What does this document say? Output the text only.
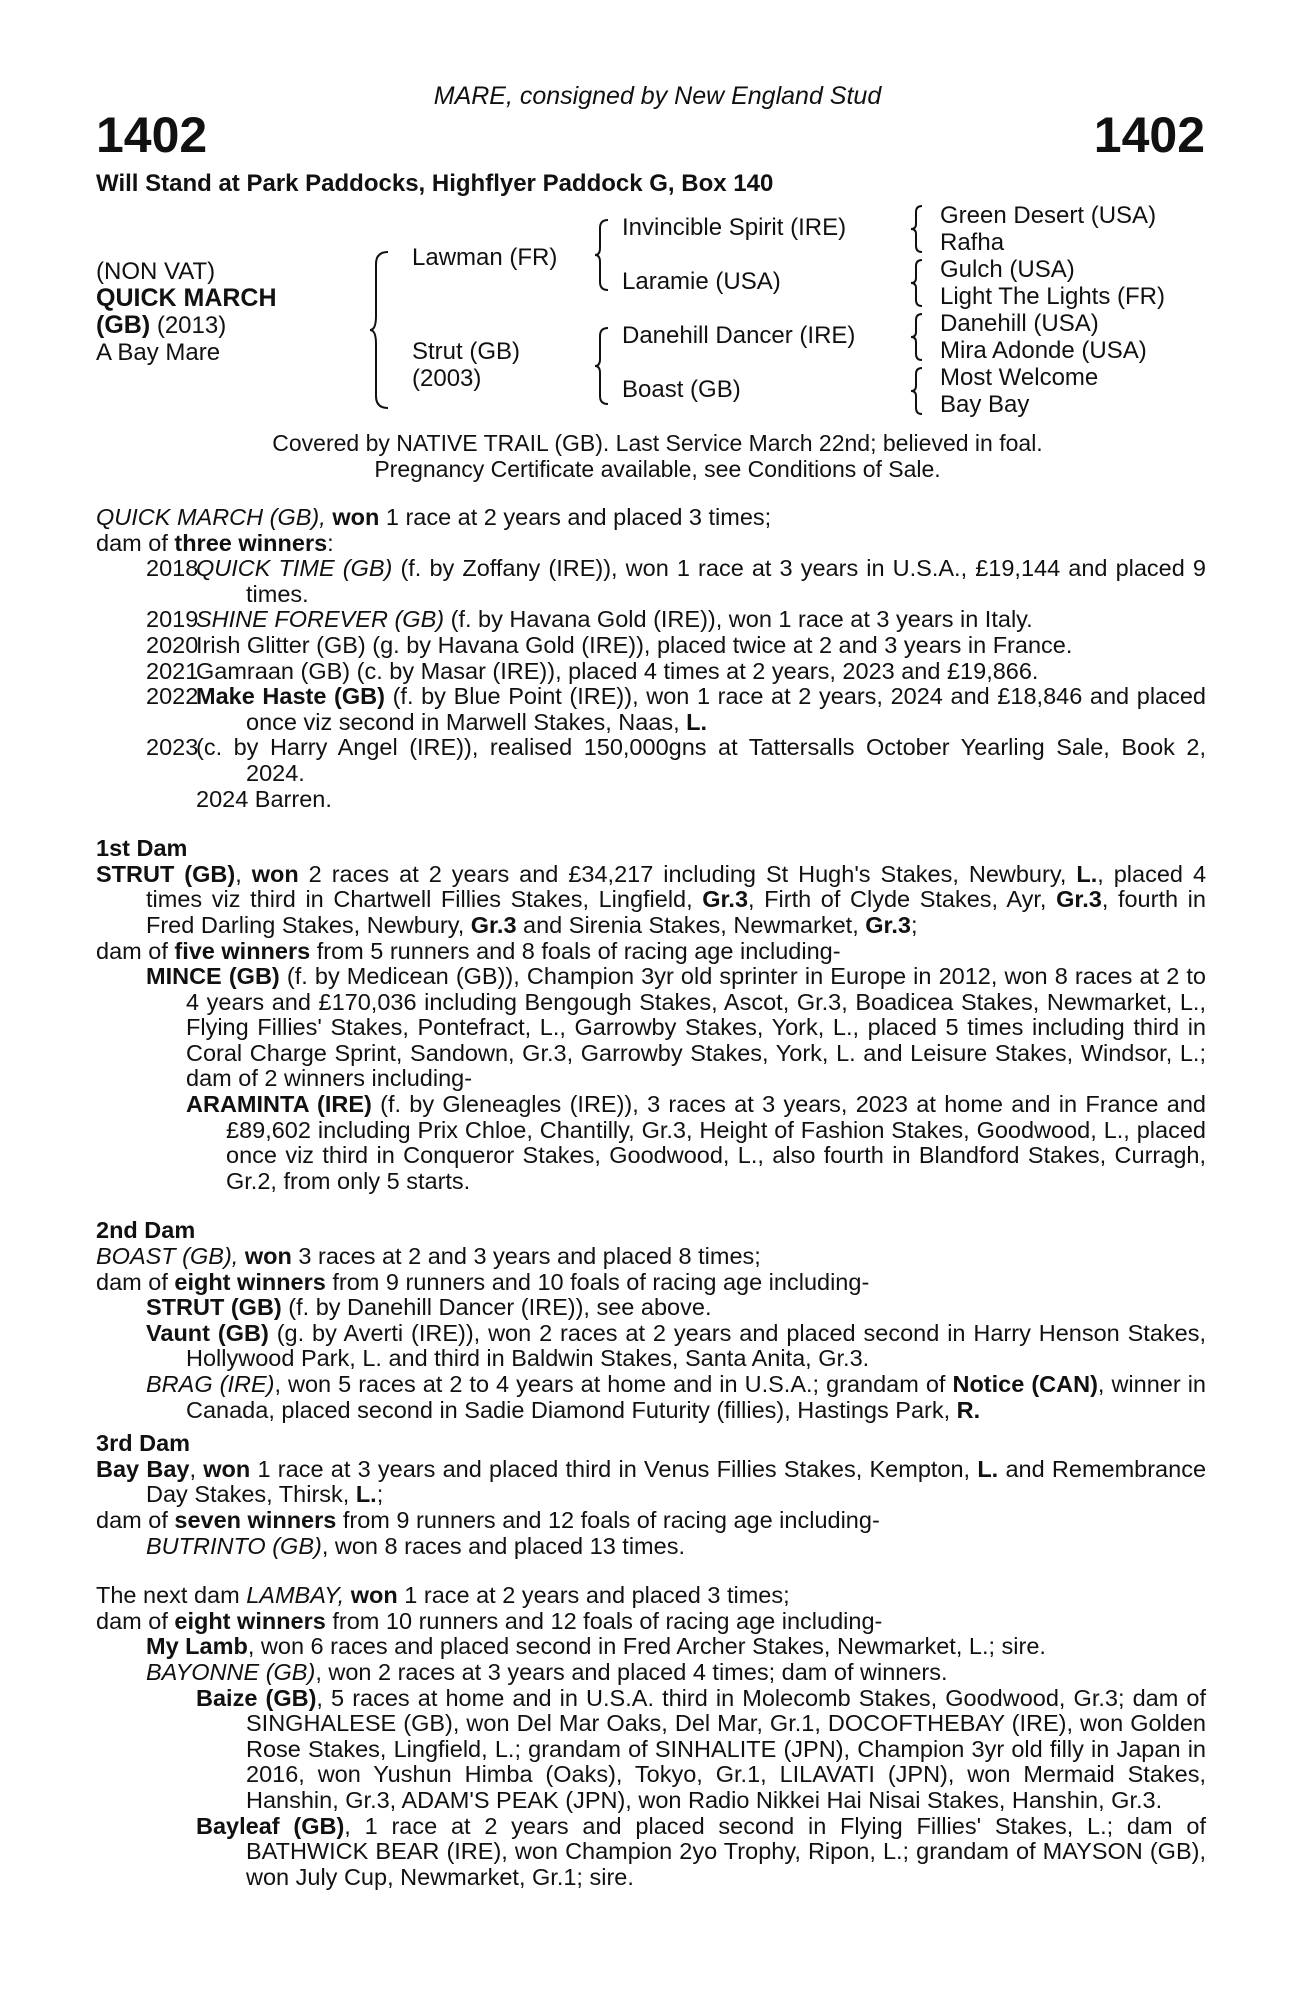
MARE, consigned by New England Stud
1402	1402
Will Stand at Park Paddocks, Highflyer Paddock G, Box 140
(NON VAT)
QUICK MARCH
(GB) (2013)
A Bay Mare
Lawman (FR)
Strut (GB)
(2003)
Invincible Spirit (IRE)
Laramie (USA)
Danehill Dancer (IRE)
Boast (GB)
Green Desert (USA)
Rafha
Gulch (USA)
Light The Lights (FR)
Danehill (USA)
Mira Adonde (USA)
Most Welcome
Bay Bay
Covered by NATIVE TRAIL (GB). Last Service March 22nd; believed in foal.
Pregnancy Certificate available, see Conditions of Sale.

QUICK MARCH (GB), won 1 race at 2 years and placed 3 times;

dam of three winners:

2018	QUICK TIME (GB) (f. by Zoffany (IRE)), won 1 race at 3 years in U.S.A., £19,144 and placed 9 times.
2019	SHINE FOREVER (GB) (f. by Havana Gold (IRE)), won 1 race at 3 years in Italy.
2020	Irish Glitter (GB) (g. by Havana Gold (IRE)), placed twice at 2 and 3 years in France.
2021	Gamraan (GB) (c. by Masar (IRE)), placed 4 times at 2 years, 2023 and £19,866.
2022	Make Haste (GB) (f. by Blue Point (IRE)), won 1 race at 2 years, 2024 and £18,846 and placed once viz second in Marwell Stakes, Naas, L.
2023	(c. by Harry Angel (IRE)), realised 150,000gns at Tattersalls October Yearling Sale, Book 2, 2024.
	2024 Barren.

1st Dam

STRUT (GB), won 2 races at 2 years and £34,217 including St Hugh's Stakes, Newbury, L., placed 4 times viz third in Chartwell Fillies Stakes, Lingfield, Gr.3, Firth of Clyde Stakes, Ayr, Gr.3, fourth in Fred Darling Stakes, Newbury, Gr.3 and Sirenia Stakes, Newmarket, Gr.3;

dam of five winners from 5 runners and 8 foals of racing age including-

MINCE (GB) (f. by Medicean (GB)), Champion 3yr old sprinter in Europe in 2012, won 8 races at 2 to 4 years and £170,036 including Bengough Stakes, Ascot, Gr.3, Boadicea Stakes, Newmarket, L., Flying Fillies' Stakes, Pontefract, L., Garrowby Stakes, York, L., placed 5 times including third in Coral Charge Sprint, Sandown, Gr.3, Garrowby Stakes, York, L. and Leisure Stakes, Windsor, L.; dam of 2 winners including-

ARAMINTA (IRE) (f. by Gleneagles (IRE)), 3 races at 3 years, 2023 at home and in France and £89,602 including Prix Chloe, Chantilly, Gr.3, Height of Fashion Stakes, Goodwood, L., placed once viz third in Conqueror Stakes, Goodwood, L., also fourth in Blandford Stakes, Curragh, Gr.2, from only 5 starts.

2nd Dam

BOAST (GB), won 3 races at 2 and 3 years and placed 8 times;

dam of eight winners from 9 runners and 10 foals of racing age including-

STRUT (GB) (f. by Danehill Dancer (IRE)), see above.

Vaunt (GB) (g. by Averti (IRE)), won 2 races at 2 years and placed second in Harry Henson Stakes, Hollywood Park, L. and third in Baldwin Stakes, Santa Anita, Gr.3.

BRAG (IRE), won 5 races at 2 to 4 years at home and in U.S.A.; grandam of Notice (CAN), winner in Canada, placed second in Sadie Diamond Futurity (fillies), Hastings Park, R.

3rd Dam

Bay Bay, won 1 race at 3 years and placed third in Venus Fillies Stakes, Kempton, L. and Remembrance Day Stakes, Thirsk, L.;

dam of seven winners from 9 runners and 12 foals of racing age including-

BUTRINTO (GB), won 8 races and placed 13 times.

The next dam LAMBAY, won 1 race at 2 years and placed 3 times;

dam of eight winners from 10 runners and 12 foals of racing age including-

My Lamb, won 6 races and placed second in Fred Archer Stakes, Newmarket, L.; sire.

BAYONNE (GB), won 2 races at 3 years and placed 4 times; dam of winners.

Baize (GB), 5 races at home and in U.S.A. third in Molecomb Stakes, Goodwood, Gr.3; dam of SINGHALESE (GB), won Del Mar Oaks, Del Mar, Gr.1, DOCOFTHEBAY (IRE), won Golden Rose Stakes, Lingfield, L.; grandam of SINHALITE (JPN), Champion 3yr old filly in Japan in 2016, won Yushun Himba (Oaks), Tokyo, Gr.1, LILAVATI (JPN), won Mermaid Stakes, Hanshin, Gr.3, ADAM'S PEAK (JPN), won Radio Nikkei Hai Nisai Stakes, Hanshin, Gr.3.

Bayleaf (GB), 1 race at 2 years and placed second in Flying Fillies' Stakes, L.; dam of BATHWICK BEAR (IRE), won Champion 2yo Trophy, Ripon, L.; grandam of MAYSON (GB), won July Cup, Newmarket, Gr.1; sire.
